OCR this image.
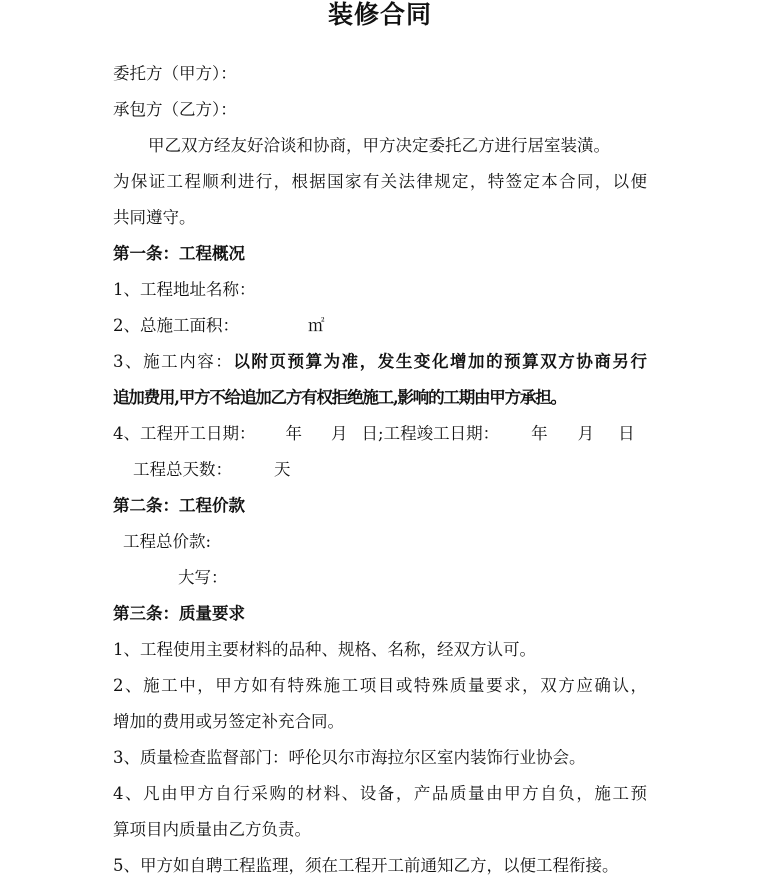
装修合同
委托方（甲方）：
承包方（乙方）：
甲乙双方经友好洽谈和协商，甲方决定委托乙方进行居室装潢。
为保证工程顺利进行，根据国家有关法律规定，特签定本合同，以便
共同遵守。
第一条：工程概况
1、工程地址名称：
2、总施工面积：	㎡
3、施工内容：以附页预算为准，发生变化增加的预算双方协商另行
追加费用,甲方不给追加乙方有权拒绝施工,影响的工期由甲方承担。
4、工程开工日期： 年 月 日;工程竣工日期： 年 月 日
工程总天数：	天
第二条：工程价款
工程总价款:
大写：
第三条：质量要求
1、工程使用主要材料的品种、规格、名称，经双方认可。
2、施工中，甲方如有特殊施工项目或特殊质量要求，双方应确认，
增加的费用或另签定补充合同。
3、质量检查监督部门：呼伦贝尔市海拉尔区室内装饰行业协会。
4、凡由甲方自行采购的材料、设备，产品质量由甲方自负，施工预
算项目内质量由乙方负责。
5、甲方如自聘工程监理，须在工程开工前通知乙方，以便工程衔接。
